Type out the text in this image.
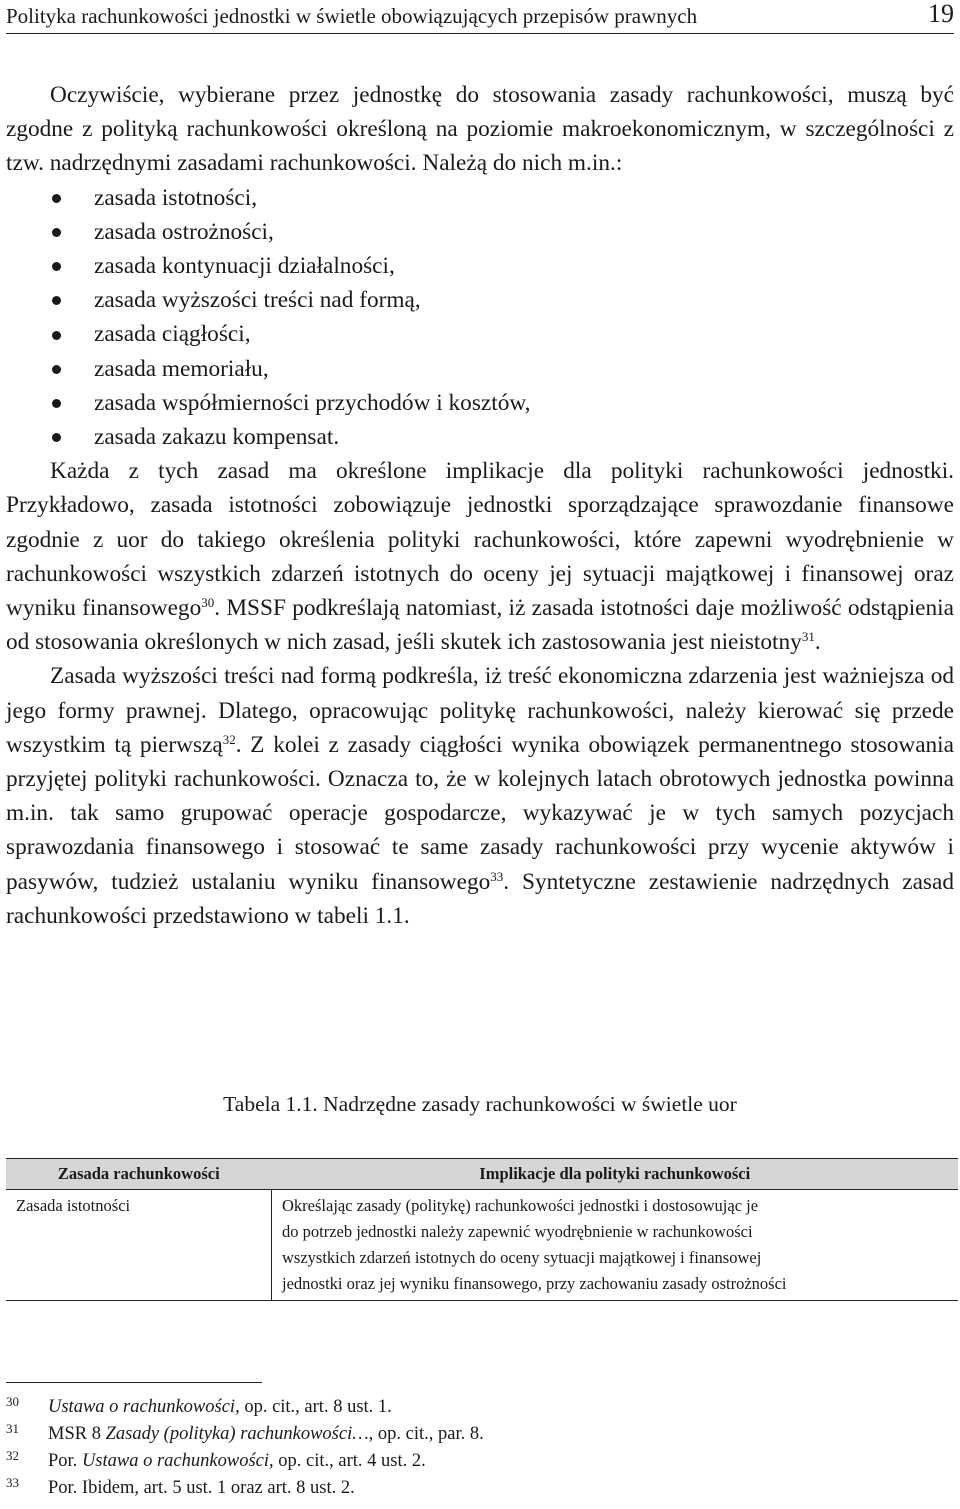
Polityka rachunkowości jednostki w świetle obowiązujących przepisów prawnych	19

Oczywiście, wybierane przez jednostkę do stosowania zasady rachunkowości, muszą być zgodne z polityką rachunkowości określoną na poziomie makroekonomicznym, w szczególności z tzw. nadrzędnymi zasadami rachunkowości. Należą do nich m.in.:

zasada istotności,
zasada ostrożności,
zasada kontynuacji działalności,
zasada wyższości treści nad formą,
zasada ciągłości,
zasada memoriału,
zasada współmierności przychodów i kosztów,
zasada zakazu kompensat.

Każda z tych zasad ma określone implikacje dla polityki rachunkowości jednostki. Przykładowo, zasada istotności zobowiązuje jednostki sporządzające sprawozdanie finansowe zgodnie z uor do takiego określenia polityki rachunkowości, które zapewni wyodrębnienie w rachunkowości wszystkich zdarzeń istotnych do oceny jej sytuacji majątkowej i finansowej oraz wyniku finansowego$^{30}$. MSSF podkreślają natomiast, iż zasada istotności daje możliwość odstąpienia od stosowania określonych w nich zasad, jeśli skutek ich zastosowania jest nieistotny$^{31}$.

Zasada wyższości treści nad formą podkreśla, iż treść ekonomiczna zdarzenia jest ważniejsza od jego formy prawnej. Dlatego, opracowując politykę rachunkowości, należy kierować się przede wszystkim tą pierwszą$^{32}$. Z kolei z zasady ciągłości wynika obowiązek permanentnego stosowania przyjętej polityki rachunkowości. Oznacza to, że w kolejnych latach obrotowych jednostka powinna m.in. tak samo grupować operacje gospodarcze, wykazywać je w tych samych pozycjach sprawozdania finansowego i stosować te same zasady rachunkowości przy wycenie aktywów i pasywów, tudzież ustalaniu wyniku finansowego$^{33}$. Syntetyczne zestawienie nadrzędnych zasad rachunkowości przedstawiono w tabeli 1.1.

Tabela 1.1. Nadrzędne zasady rachunkowości w świetle uor
Zasada rachunkowości	Implikacje dla polityki rachunkowości
Zasada istotności	Określając zasady (politykę) rachunkowości jednostki i dostosowując je
do potrzeb jednostki należy zapewnić wyodrębnienie w rachunkowości
wszystkich zdarzeń istotnych do oceny sytuacji majątkowej i finansowej
jednostki oraz jej wyniku finansowego, przy zachowaniu zasady ostrożności
30 Ustawa o rachunkowości, op. cit., art. 8 ust. 1.
31 MSR 8 Zasady (polityka) rachunkowości…, op. cit., par. 8.
32 Por. Ustawa o rachunkowości, op. cit., art. 4 ust. 2.
33 Por. Ibidem, art. 5 ust. 1 oraz art. 8 ust. 2.
